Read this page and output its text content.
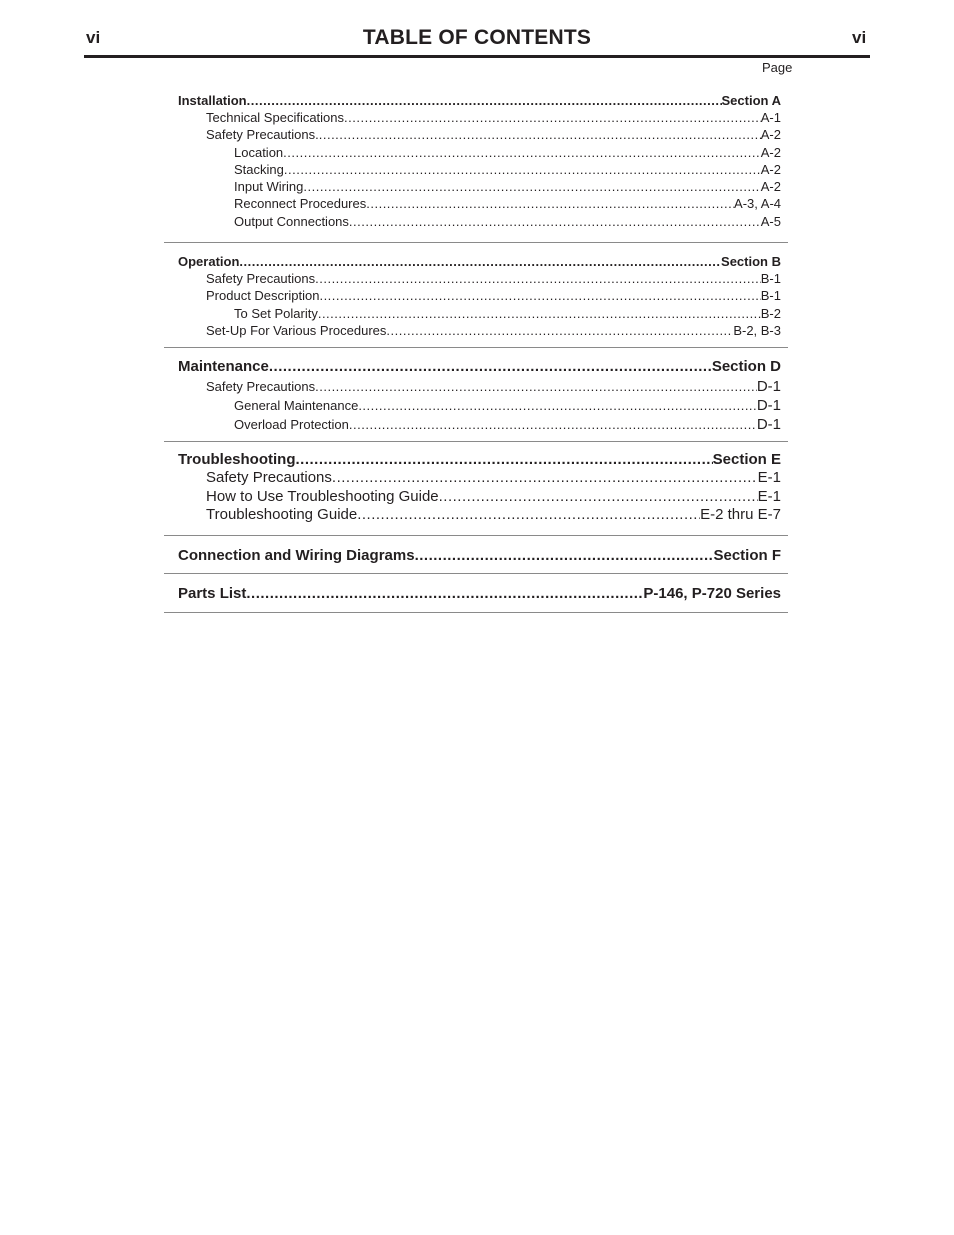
vi	TABLE OF CONTENTS	vi
Page
Installation .....	Section A
Technical Specifications .....	A-1
Safety Precautions. .....	A-2
Location .....	A-2
Stacking .....	A-2
Input Wiring .....	A-2
Reconnect Procedures .....	A-3, A-4
Output Connections .....	A-5
Operation .....	Section B
Safety Precautions .....	B-1
Product Description .....	B-1
To Set Polarity .....	B-2
Set-Up For Various Procedures .....	B-2, B-3
Maintenance .....	Section D
Safety Precautions .....	D-1
General Maintenance .....	D-1
Overload Protection .....	D-1
Troubleshooting .....	Section E
Safety Precautions .....	E-1
How to Use Troubleshooting Guide .....	E-1
Troubleshooting Guide .....	E-2 thru E-7
Connection and Wiring Diagrams .....	Section F
Parts List .....	P-146, P-720 Series
